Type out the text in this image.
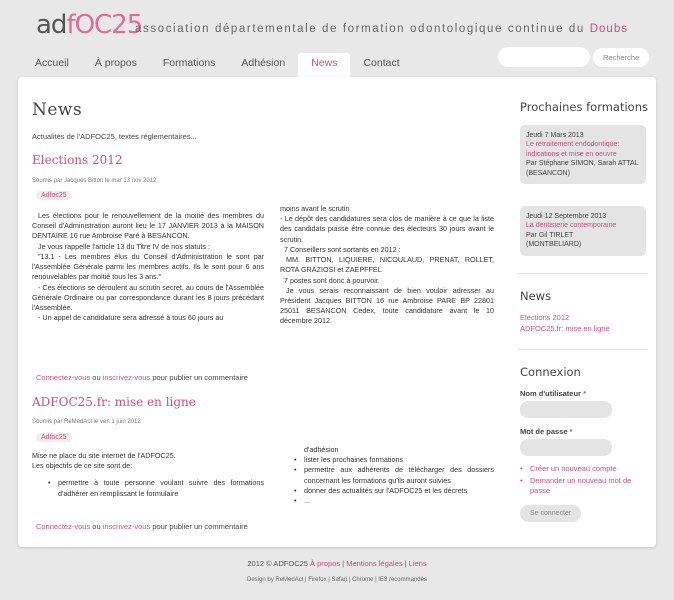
adfOC25
association départementale de formation odontologique continue du Doubs
Accueil	À propos	Formations	Adhésion	News	Contact	Recherche
News
Actualités de l'ADFOC25, textes réglementaires...
Elections 2012
Soumis par Jacques Bitton le mar 13 nov 2012
Adfoc25

Les élections pour le renouvellement de la moitié des membres du Conseil d'Administration auront lieu le 17 JANVIER 2013 à la MAISON DENTAIRE 16 rue Ambroise Paré à BESANCON.

Je vous rappelle l'article 13 du Titre IV de nos statuts :

"13.1 - Les membres élus du Conseil d'Administration le sont par l'Assemblée Générale parmi les membres actifs. Ils le sont pour 6 ans renouvelables par moitié tous les 3 ans."

- Ces élections se déroulent au scrutin secret, au cours de l'Assemblée Générale Ordinaire ou par correspondance durant les 8 jours précédant l'Assemblée.

- Un appel de candidature sera adressé à tous 60 jours au

moins avant le scrutin

- Le dépôt des candidatures sera clos de manière à ce que la liste des candidats puisse être connue des électeurs 30 jours avant le scrutin.

7 Conseillers sont sortants en 2012 :

MM. BITTON, LIQUIERE, NICOULAUD, PRENAT, ROLLET, ROTA GRAZIOSI et ZAEPFFEL

7 postes sont donc à pourvoir.

Je vous serais reconnaissant de bien vouloir adresser au Président Jacques BITTON 16 rue Ambroise PARE BP 22801 25011 BESANCON Cedex, toute candidature avant le 10 décembre 2012.

Connectez-vous ou inscrivez-vous pour publier un commentaire
ADFOC25.fr: mise en ligne
Soumis par ReMedAct le ven 1 juin 2012
Adfoc25

Mise ne place du site internet de l'ADFOC25.

Les objectifs de ce site sont de:

• permettre à toute personne voulant suivre des formations d'adhérer en remplissant le formulaire

d'adhésion

• lister les prochaines formations
• permettre aux adhérents de télécharger des dossiers concernant les formations qu'ils auront suivies
• donner des actualités sur l'ADFOC25 et les décrets
• ...
Connectez-vous ou inscrivez-vous pour publier un commentaire
Prochaines formations
Jeudi 7 Mars 2013
Le retraitement endodontique: indications et mise en oeuvre
Par Stéphane SIMON, Sarah ATTAL
(BESANCON)
Jeudi 12 Septembre 2013
La dentisterie contemporaine
Par Gil TIRLET
(MONTBELIARD)
News
Elections 2012
ADFOC25.fr: mise en ligne
Connexion
Nom d'utilisateur *
Mot de passe *
• Créer un nouveau compte
• Demander un nouveau mot de passe
Se connecter
2012 © ADFOC25 À propos | Mentions légales | Liens
Design by ReMedAct | Firefox | Safari | Chrome | IE8 recommandés
